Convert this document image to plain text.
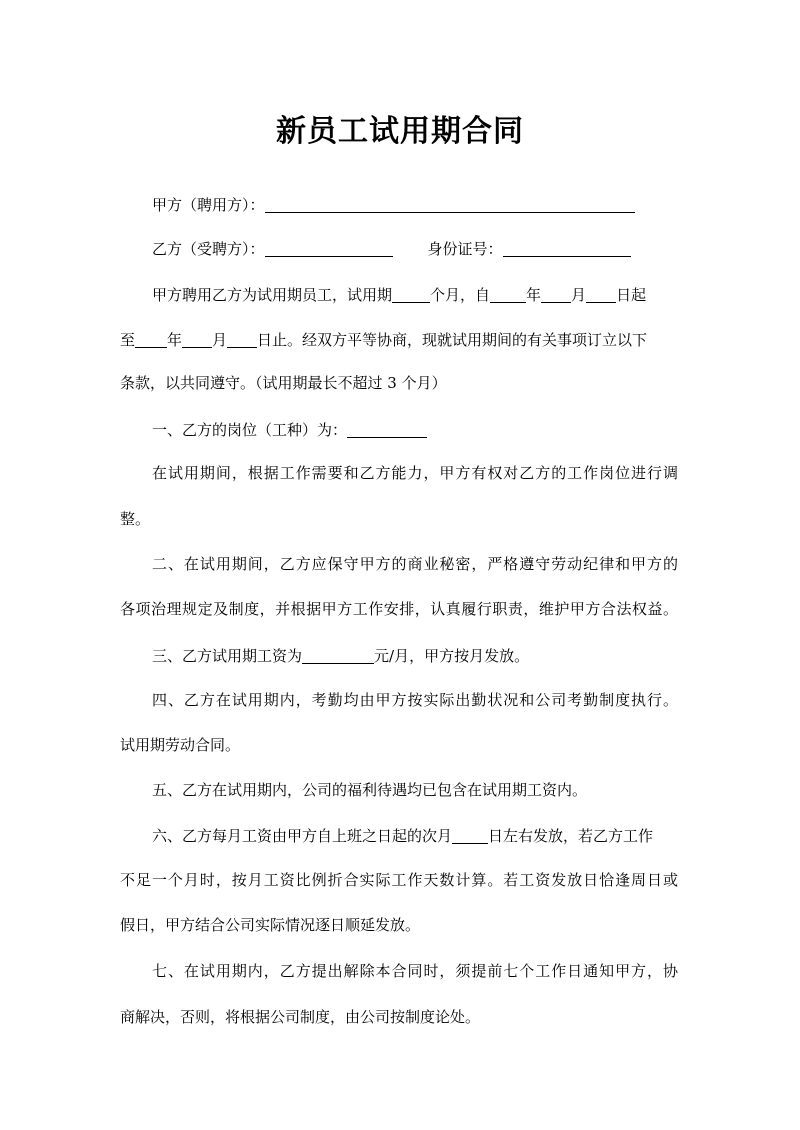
新员工试用期合同
甲方（聘用方）：
乙方（受聘方）：	身份证号：
甲方聘用乙方为试用期员工，试用期	个月，自 年 月 日起
至 年 月 日止。经双方平等协商，现就试用期间的有关事项订立以下
条款，以共同遵守。（试用期最长不超过 3 个月）
一、乙方的岗位（工种）为：
在试用期间，根据工作需要和乙方能力，甲方有权对乙方的工作岗位进行调
整。
二、在试用期间，乙方应保守甲方的商业秘密，严格遵守劳动纪律和甲方的
各项治理规定及制度，并根据甲方工作安排，认真履行职责，维护甲方合法权益。
三、乙方试用期工资为	元/月，甲方按月发放。
四、乙方在试用期内，考勤均由甲方按实际出勤状况和公司考勤制度执行。
试用期劳动合同。
五、乙方在试用期内，公司的福利待遇均已包含在试用期工资内。
六、乙方每月工资由甲方自上班之日起的次月 日左右发放，若乙方工作
不足一个月时，按月工资比例折合实际工作天数计算。若工资发放日恰逢周日或
假日，甲方结合公司实际情况逐日顺延发放。
七、在试用期内，乙方提出解除本合同时，须提前七个工作日通知甲方，协
商解决，否则，将根据公司制度，由公司按制度论处。
